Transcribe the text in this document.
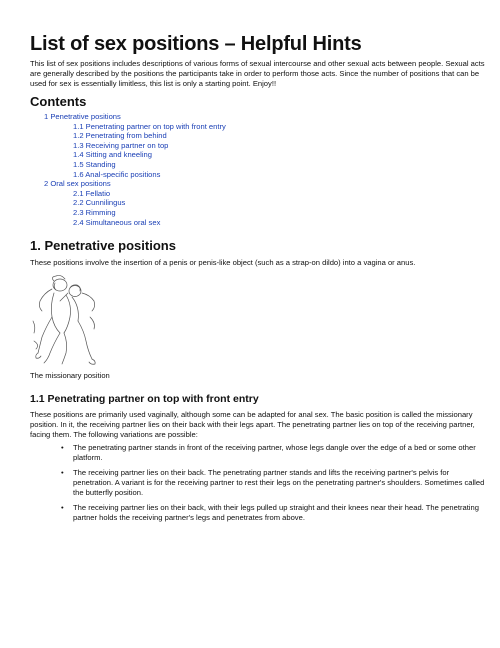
List of sex positions – Helpful Hints

This list of sex positions includes descriptions of various forms of sexual intercourse and other sexual acts between people. Sexual acts are generally described by the positions the participants take in order to perform those acts. Since the number of positions that can be used for sex is essentially limitless, this list is only a starting point. Enjoy!!

Contents
1 Penetrative positions
1.1 Penetrating partner on top with front entry
1.2 Penetrating from behind
1.3 Receiving partner on top
1.4 Sitting and kneeling
1.5 Standing
1.6 Anal-specific positions
2 Oral sex positions
2.1 Fellatio
2.2 Cunnilingus
2.3 Rimming
2.4 Simultaneous oral sex
1. Penetrative positions

These positions involve the insertion of a penis or penis-like object (such as a strap-on dildo) into a vagina or anus.

The missionary position

1.1 Penetrating partner on top with front entry

These positions are primarily used vaginally, although some can be adapted for anal sex. The basic position is called the missionary position. In it, the receiving partner lies on their back with their legs apart. The penetrating partner lies on top of the receiving partner, facing them. The following variations are possible:

• The penetrating partner stands in front of the receiving partner, whose legs dangle over the edge of a bed or some other platform.
• The receiving partner lies on their back. The penetrating partner stands and lifts the receiving partner's pelvis for penetration. A variant is for the receiving partner to rest their legs on the penetrating partner's shoulders. Sometimes called the butterfly position.
• The receiving partner lies on their back, with their legs pulled up straight and their knees near their head. The penetrating partner holds the receiving partner's legs and penetrates from above.
